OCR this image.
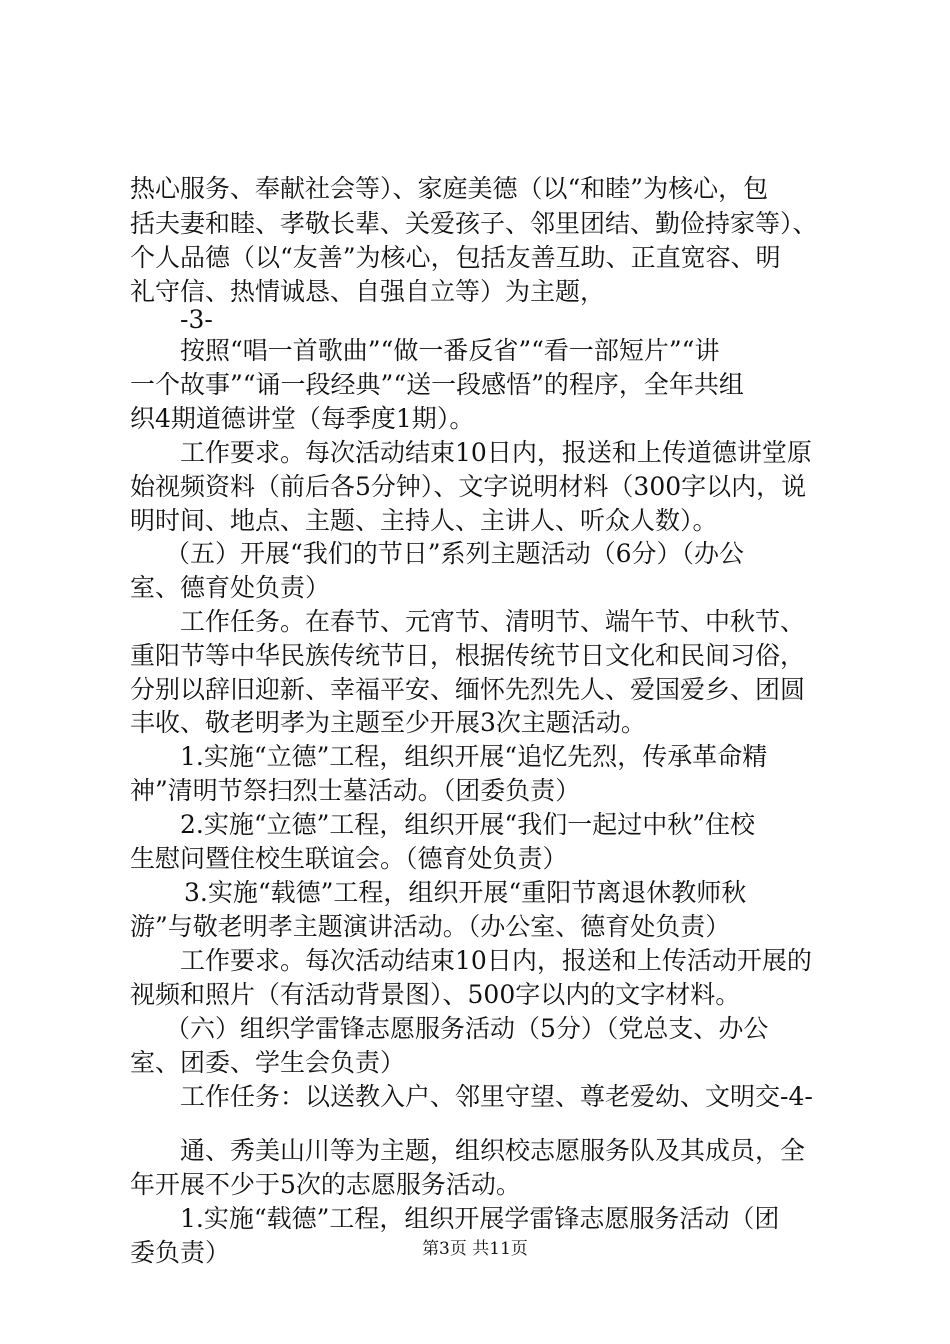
热心服务、奉献社会等）、家庭美德（以“和睦”为核心，包
括夫妻和睦、孝敬长辈、关爱孩子、邻里团结、勤俭持家等）、
个人品德（以“友善”为核心，包括友善互助、正直宽容、明
礼守信、热情诚恳、自强自立等）为主题，
-3-
按照“唱一首歌曲”“做一番反省”“看一部短片”“讲
一个故事”“诵一段经典”“送一段感悟”的程序，全年共组
织4期道德讲堂（每季度1期）。
工作要求。每次活动结束10日内，报送和上传道德讲堂原
始视频资料（前后各5分钟）、文字说明材料（300字以内，说
明时间、地点、主题、主持人、主讲人、听众人数）。
（五）开展“我们的节日”系列主题活动（6分）（办公
室、德育处负责）
工作任务。在春节、元宵节、清明节、端午节、中秋节、
重阳节等中华民族传统节日，根据传统节日文化和民间习俗，
分别以辞旧迎新、幸福平安、缅怀先烈先人、爱国爱乡、团圆
丰收、敬老明孝为主题至少开展3次主题活动。
1.实施“立德”工程，组织开展“追忆先烈，传承革命精
神”清明节祭扫烈士墓活动。（团委负责）
2.实施“立德”工程，组织开展“我们一起过中秋”住校
生慰问暨住校生联谊会。（德育处负责）
3.实施“载德”工程，组织开展“重阳节离退休教师秋
游”与敬老明孝主题演讲活动。（办公室、德育处负责）
工作要求。每次活动结束10日内，报送和上传活动开展的
视频和照片（有活动背景图）、500字以内的文字材料。
（六）组织学雷锋志愿服务活动（5分）（党总支、办公
室、团委、学生会负责）
工作任务：以送教入户、邻里守望、尊老爱幼、文明交-4-
通、秀美山川等为主题，组织校志愿服务队及其成员，全
年开展不少于5次的志愿服务活动。
1.实施“载德”工程，组织开展学雷锋志愿服务活动（团
委负责）	第3页 共11页
